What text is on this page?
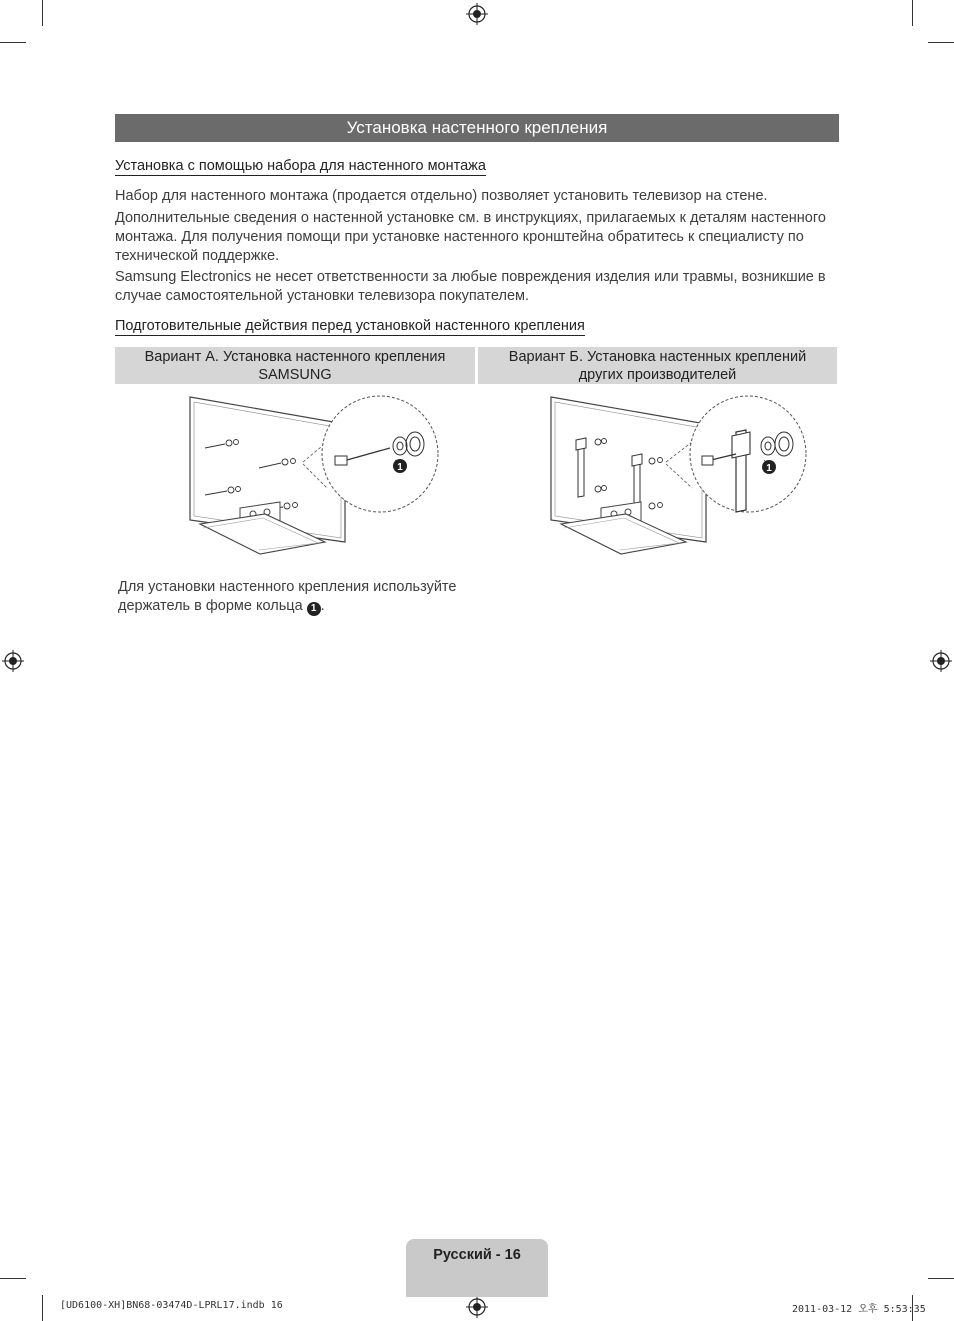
Установка настенного крепления
Установка с помощью набора для настенного монтажа
Набор для настенного монтажа (продается отдельно) позволяет установить телевизор на стене.
Дополнительные сведения о настенной установке см. в инструкциях, прилагаемых к деталям настенного монтажа. Для получения помощи при установке настенного кронштейна обратитесь к специалисту по технической поддержке.
Samsung Electronics не несет ответственности за любые повреждения изделия или травмы, возникшие в случае самостоятельной установки телевизора покупателем.
Подготовительные действия перед установкой настенного крепления
Вариант А. Установка настенного крепления
SAMSUNG
Вариант Б. Установка настенных креплений
других производителей
1	1
Для установки настенного крепления используйте
держатель в форме кольца 1 .
Русский - 16
[UD6100-XH]BN68-03474D-LPRL17.indb 16	2011-03-12 오후 5:53:35
